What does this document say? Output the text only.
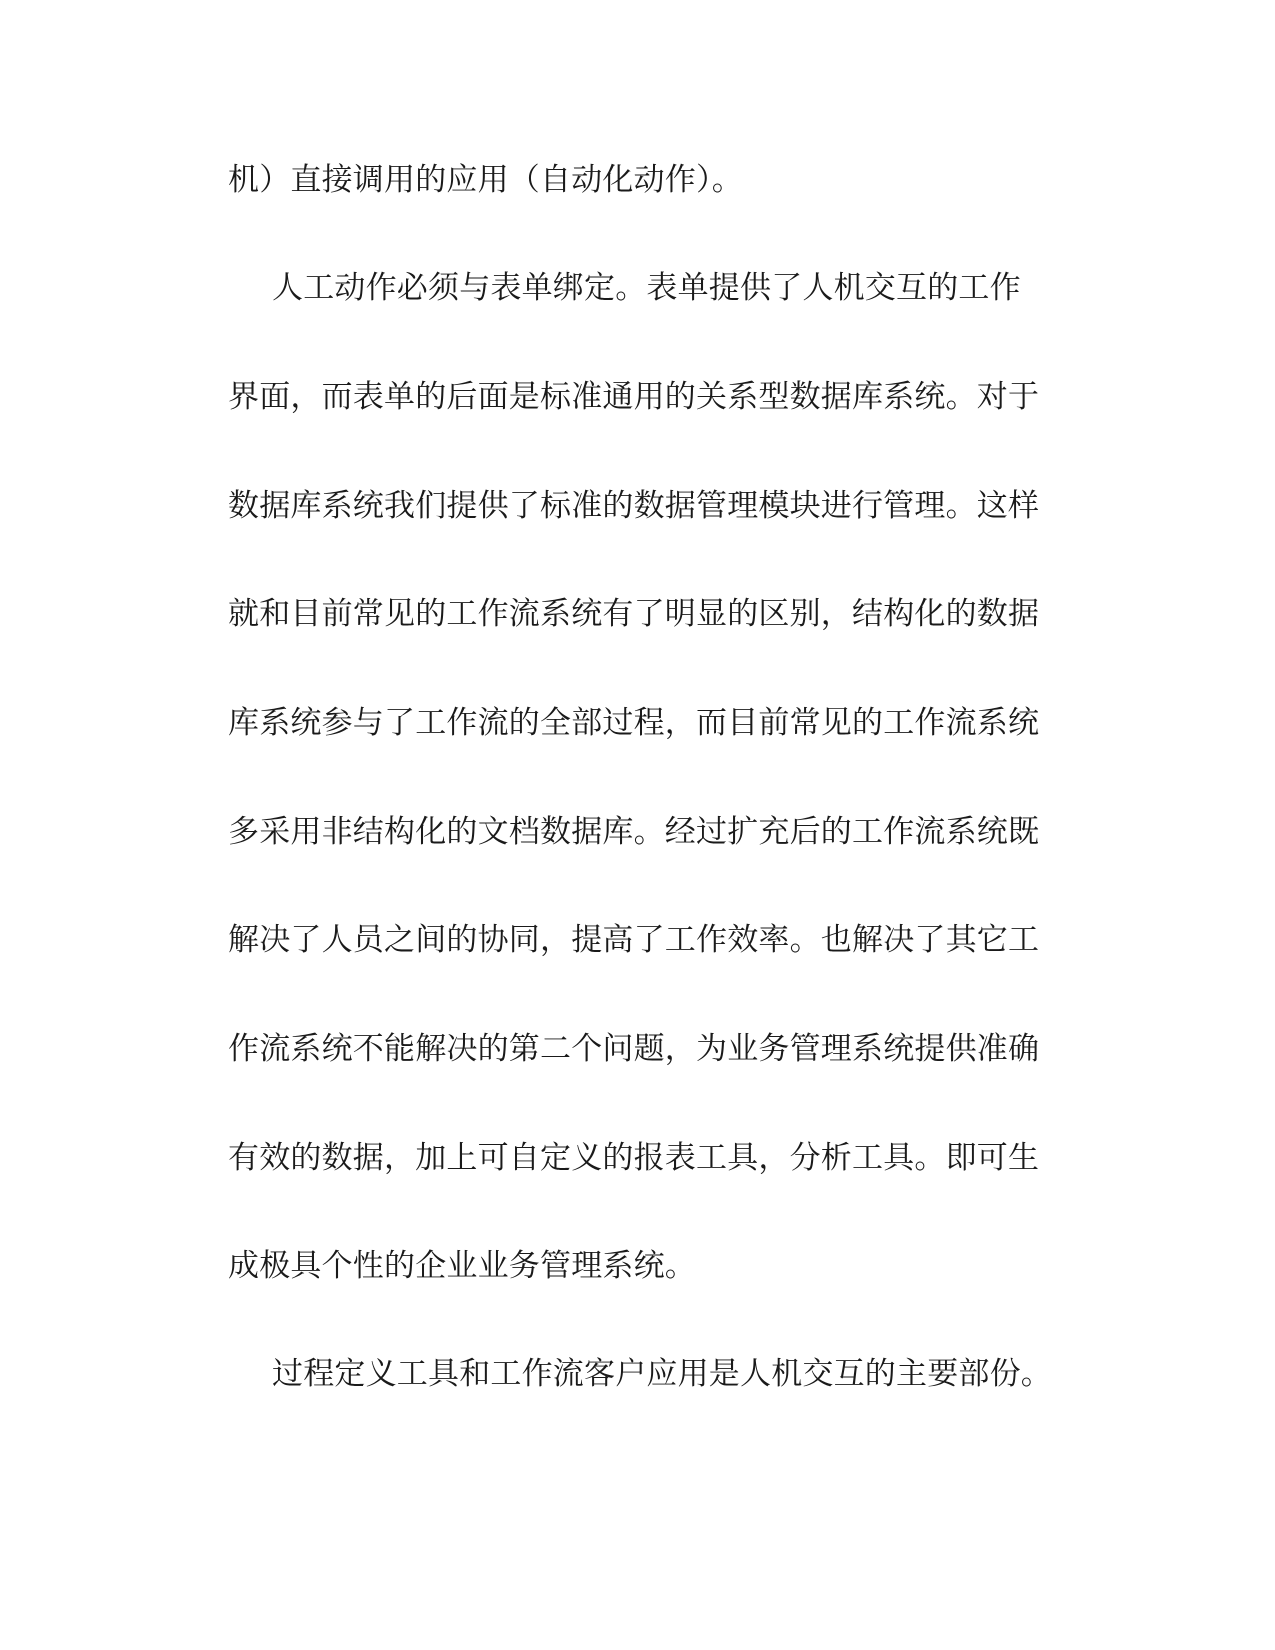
机）直接调用的应用（自动化动作）。
人工动作必须与表单绑定。表单提供了人机交互的工作
界面，而表单的后面是标准通用的关系型数据库系统。对于
数据库系统我们提供了标准的数据管理模块进行管理。这样
就和目前常见的工作流系统有了明显的区别，结构化的数据
库系统参与了工作流的全部过程，而目前常见的工作流系统
多采用非结构化的文档数据库。经过扩充后的工作流系统既
解决了人员之间的协同，提高了工作效率。也解决了其它工
作流系统不能解决的第二个问题，为业务管理系统提供准确
有效的数据，加上可自定义的报表工具，分析工具。即可生
成极具个性的企业业务管理系统。
过程定义工具和工作流客户应用是人机交互的主要部份。
